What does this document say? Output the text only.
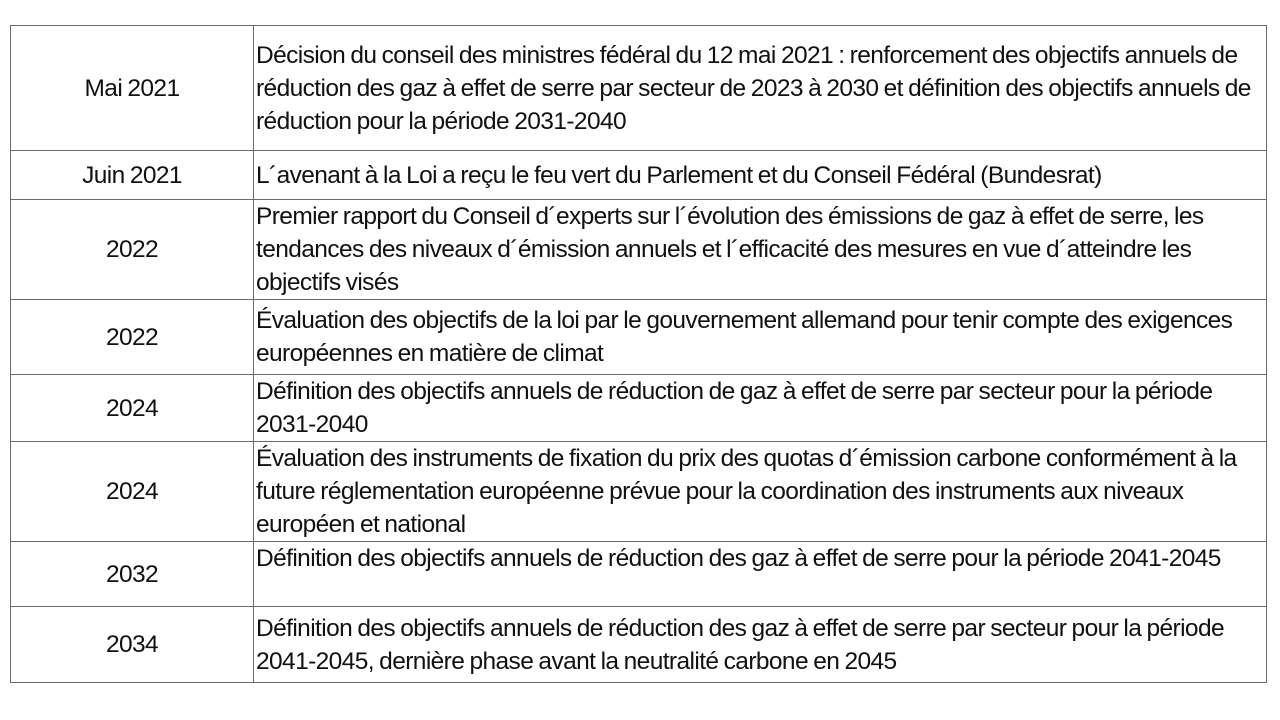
Mai 2021	Décision du conseil des ministres fédéral du 12 mai 2021 : renforcement des objectifs annuels de réduction des gaz à effet de serre par secteur de 2023 à 2030 et définition des objectifs annuels de réduction pour la période 2031-2040
Juin 2021	L´avenant à la Loi a reçu le feu vert du Parlement et du Conseil Fédéral (Bundesrat)
2022	Premier rapport du Conseil d´experts sur l´évolution des émissions de gaz à effet de serre, les tendances des niveaux d´émission annuels et l´efficacité des mesures en vue d´atteindre les objectifs visés
2022	Évaluation des objectifs de la loi par le gouvernement allemand pour tenir compte des exigences européennes en matière de climat
2024	Définition des objectifs annuels de réduction de gaz à effet de serre par secteur pour la période 2031-2040
2024	Évaluation des instruments de fixation du prix des quotas d´émission carbone conformément à la future réglementation européenne prévue pour la coordination des instruments aux niveaux européen et national
2032	Définition des objectifs annuels de réduction des gaz à effet de serre pour la période 2041-2045
2034	Définition des objectifs annuels de réduction des gaz à effet de serre par secteur pour la période 2041-2045, dernière phase avant la neutralité carbone en 2045
